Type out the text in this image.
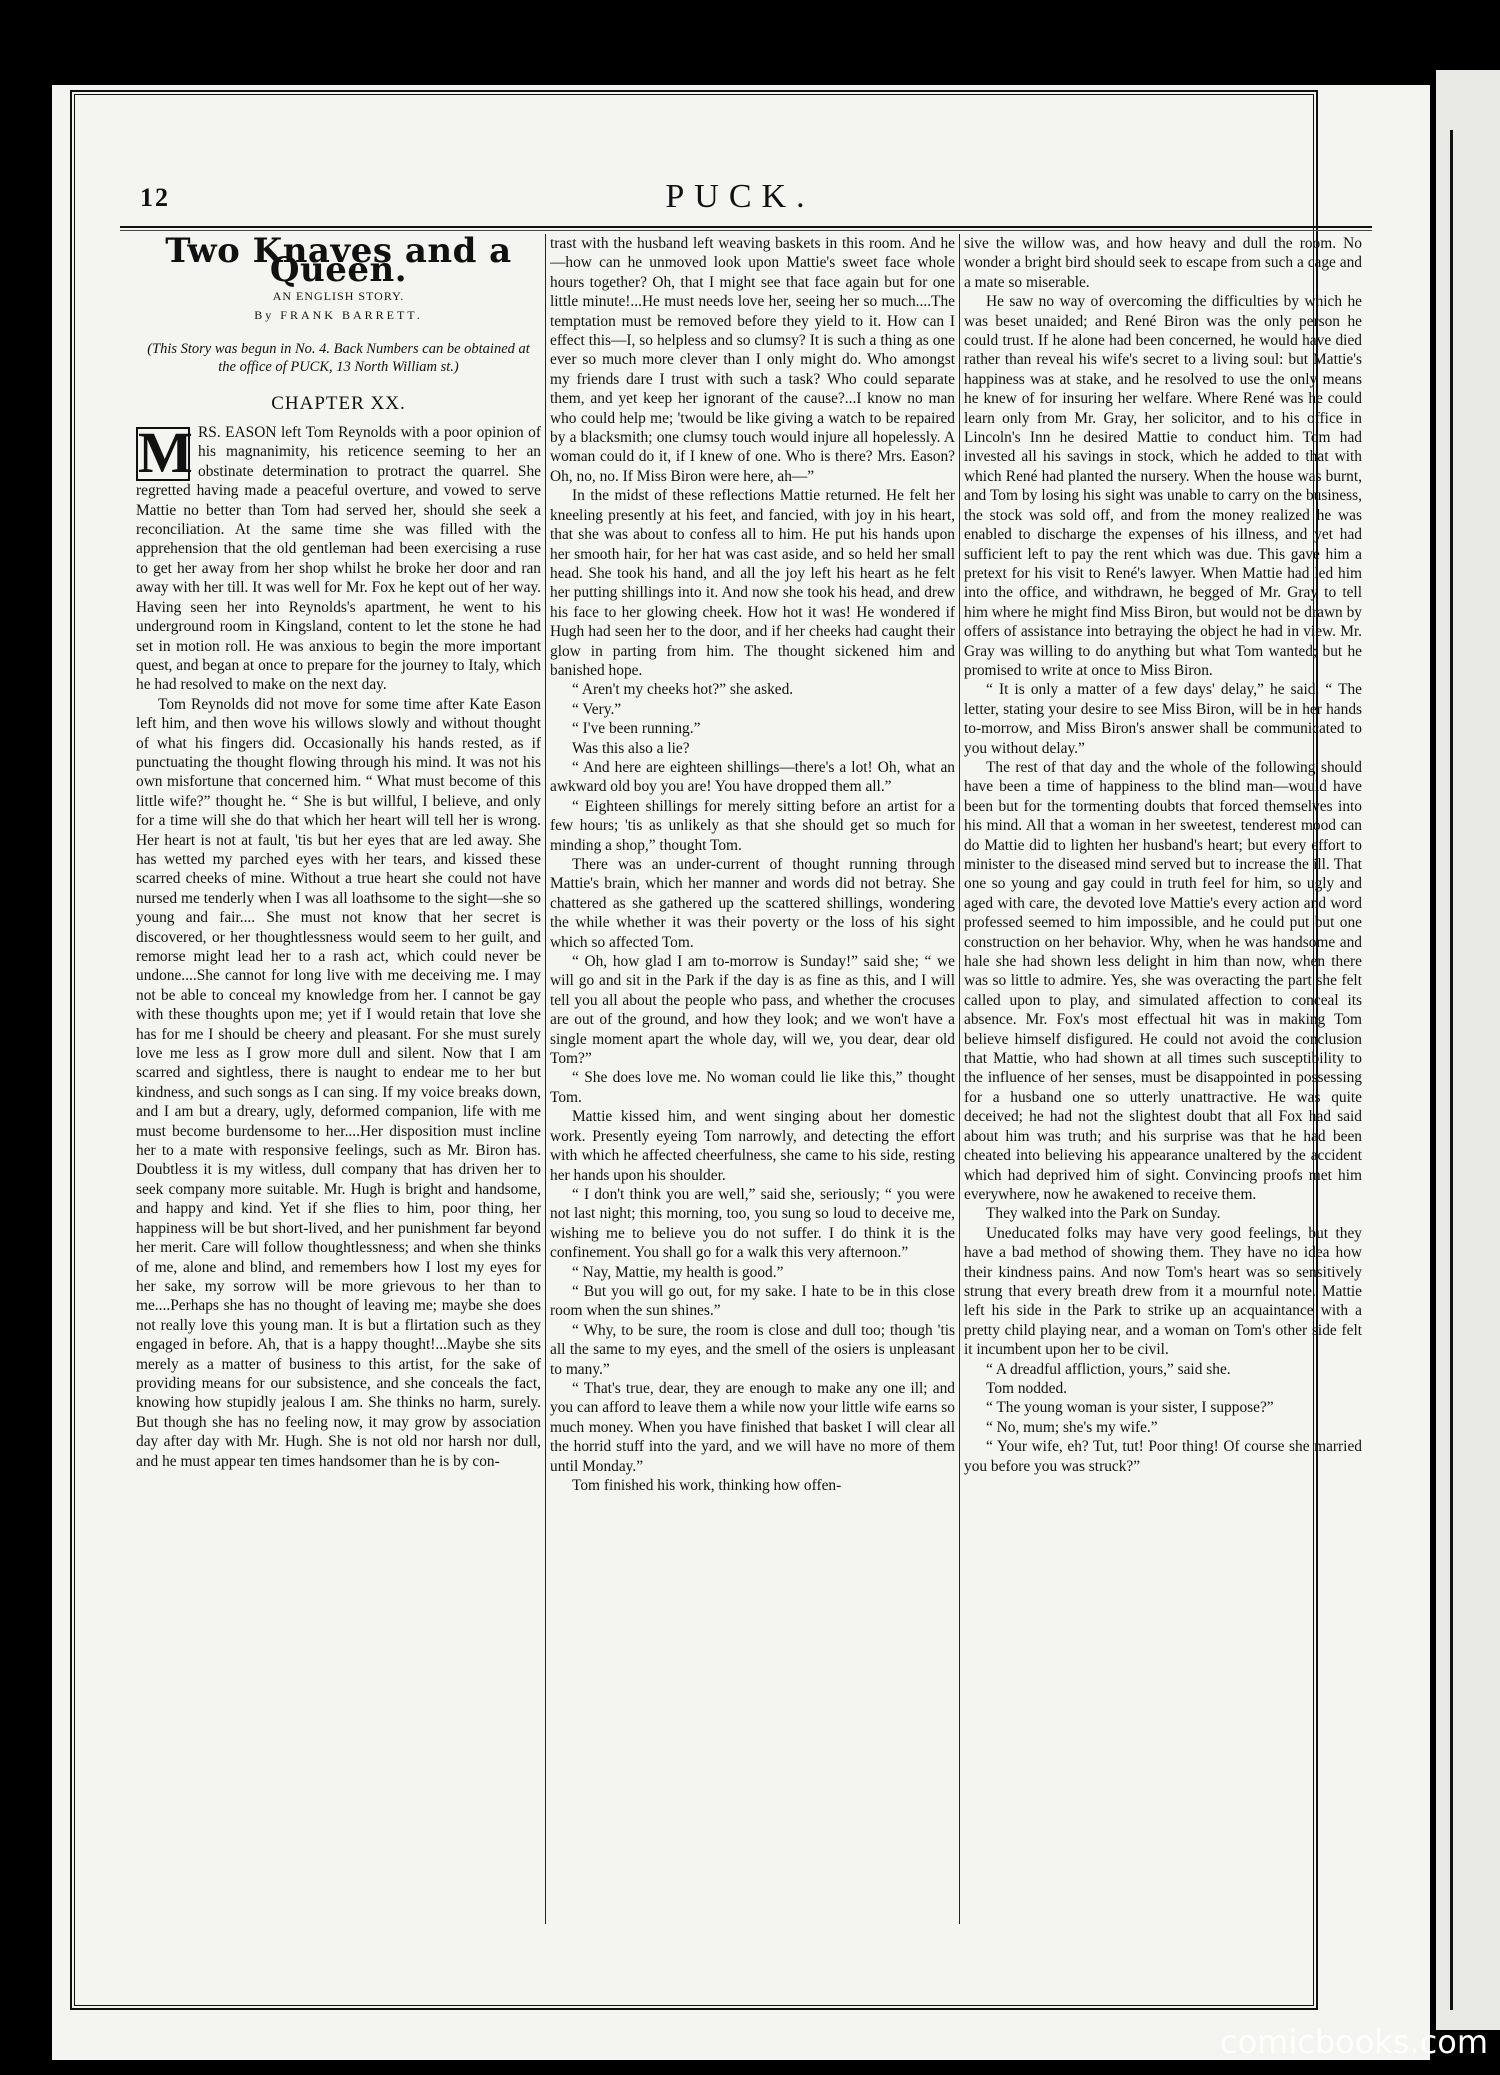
12	PUCK.
Two Knaves and a Queen.
AN ENGLISH STORY.
By FRANK BARRETT.
(This Story was begun in No. 4. Back Numbers can be obtained at the office of PUCK, 13 North William st.)
CHAPTER XX.
M RS. EASON left Tom Reynolds with a poor opinion of his magnanimity, his reticence seeming to her an obstinate determination to protract the quarrel. She regretted having made a peaceful overture, and vowed to serve Mattie no better than Tom had served her, should she seek a reconciliation. At the same time she was filled with the apprehension that the old gentleman had been exercising a ruse to get her away from her shop whilst he broke her door and ran away with her till. It was well for Mr. Fox he kept out of her way. Having seen her into Reynolds's apartment, he went to his underground room in Kingsland, content to let the stone he had set in motion roll. He was anxious to begin the more important quest, and began at once to prepare for the journey to Italy, which he had resolved to make on the next day.

Tom Reynolds did not move for some time after Kate Eason left him, and then wove his willows slowly and without thought of what his fingers did. Occasionally his hands rested, as if punctuating the thought flowing through his mind. It was not his own misfortune that concerned him. “ What must become of this little wife?” thought he. “ She is but willful, I believe, and only for a time will she do that which her heart will tell her is wrong. Her heart is not at fault, 'tis but her eyes that are led away. She has wetted my parched eyes with her tears, and kissed these scarred cheeks of mine. Without a true heart she could not have nursed me tenderly when I was all loathsome to the sight—she so young and fair.... She must not know that her secret is discovered, or her thoughtlessness would seem to her guilt, and remorse might lead her to a rash act, which could never be undone....She cannot for long live with me deceiving me. I may not be able to conceal my knowledge from her. I cannot be gay with these thoughts upon me; yet if I would retain that love she has for me I should be cheery and pleasant. For she must surely love me less as I grow more dull and silent. Now that I am scarred and sightless, there is naught to endear me to her but kindness, and such songs as I can sing. If my voice breaks down, and I am but a dreary, ugly, deformed companion, life with me must become burdensome to her....Her disposition must incline her to a mate with responsive feelings, such as Mr. Biron has. Doubtless it is my witless, dull company that has driven her to seek company more suitable. Mr. Hugh is bright and handsome, and happy and kind. Yet if she flies to him, poor thing, her happiness will be but short-lived, and her punishment far beyond her merit. Care will follow thoughtlessness; and when she thinks of me, alone and blind, and remembers how I lost my eyes for her sake, my sorrow will be more grievous to her than to me....Perhaps she has no thought of leaving me; maybe she does not really love this young man. It is but a flirtation such as they engaged in before. Ah, that is a happy thought!...Maybe she sits merely as a matter of business to this artist, for the sake of providing means for our subsistence, and she conceals the fact, knowing how stupidly jealous I am. She thinks no harm, surely. But though she has no feeling now, it may grow by association day after day with Mr. Hugh. She is not old nor harsh nor dull, and he must appear ten times handsomer than he is by con-

trast with the husband left weaving baskets in this room. And he—how can he unmoved look upon Mattie's sweet face whole hours together? Oh, that I might see that face again but for one little minute!...He must needs love her, seeing her so much....The temptation must be removed before they yield to it. How can I effect this—I, so helpless and so clumsy? It is such a thing as one ever so much more clever than I only might do. Who amongst my friends dare I trust with such a task? Who could separate them, and yet keep her ignorant of the cause?...I know no man who could help me; 'twould be like giving a watch to be repaired by a blacksmith; one clumsy touch would injure all hopelessly. A woman could do it, if I knew of one. Who is there? Mrs. Eason? Oh, no, no. If Miss Biron were here, ah—”

In the midst of these reflections Mattie returned. He felt her kneeling presently at his feet, and fancied, with joy in his heart, that she was about to confess all to him. He put his hands upon her smooth hair, for her hat was cast aside, and so held her small head. She took his hand, and all the joy left his heart as he felt her putting shillings into it. And now she took his head, and drew his face to her glowing cheek. How hot it was! He wondered if Hugh had seen her to the door, and if her cheeks had caught their glow in parting from him. The thought sickened him and banished hope.

“ Aren't my cheeks hot?” she asked.

“ Very.”

“ I've been running.”

Was this also a lie?

“ And here are eighteen shillings—there's a lot! Oh, what an awkward old boy you are! You have dropped them all.”

“ Eighteen shillings for merely sitting before an artist for a few hours; 'tis as unlikely as that she should get so much for minding a shop,” thought Tom.

There was an under-current of thought running through Mattie's brain, which her manner and words did not betray. She chattered as she gathered up the scattered shillings, wondering the while whether it was their poverty or the loss of his sight which so affected Tom.

“ Oh, how glad I am to-morrow is Sunday!” said she; “ we will go and sit in the Park if the day is as fine as this, and I will tell you all about the people who pass, and whether the crocuses are out of the ground, and how they look; and we won't have a single moment apart the whole day, will we, you dear, dear old Tom?”

“ She does love me. No woman could lie like this,” thought Tom.

Mattie kissed him, and went singing about her domestic work. Presently eyeing Tom narrowly, and detecting the effort with which he affected cheerfulness, she came to his side, resting her hands upon his shoulder.

“ I don't think you are well,” said she, seriously; “ you were not last night; this morning, too, you sung so loud to deceive me, wishing me to believe you do not suffer. I do think it is the confinement. You shall go for a walk this very afternoon.”

“ Nay, Mattie, my health is good.”

“ But you will go out, for my sake. I hate to be in this close room when the sun shines.”

“ Why, to be sure, the room is close and dull too; though 'tis all the same to my eyes, and the smell of the osiers is unpleasant to many.”

“ That's true, dear, they are enough to make any one ill; and you can afford to leave them a while now your little wife earns so much money. When you have finished that basket I will clear all the horrid stuff into the yard, and we will have no more of them until Monday.”

Tom finished his work, thinking how offen-

sive the willow was, and how heavy and dull the room. No wonder a bright bird should seek to escape from such a cage and a mate so miserable.

He saw no way of overcoming the difficulties by which he was beset unaided; and René Biron was the only person he could trust. If he alone had been concerned, he would have died rather than reveal his wife's secret to a living soul: but Mattie's happiness was at stake, and he resolved to use the only means he knew of for insuring her welfare. Where René was he could learn only from Mr. Gray, her solicitor, and to his office in Lincoln's Inn he desired Mattie to conduct him. Tom had invested all his savings in stock, which he added to that with which René had planted the nursery. When the house was burnt, and Tom by losing his sight was unable to carry on the business, the stock was sold off, and from the money realized he was enabled to discharge the expenses of his illness, and yet had sufficient left to pay the rent which was due. This gave him a pretext for his visit to René's lawyer. When Mattie had led him into the office, and withdrawn, he begged of Mr. Gray to tell him where he might find Miss Biron, but would not be drawn by offers of assistance into betraying the object he had in view. Mr. Gray was willing to do anything but what Tom wanted; but he promised to write at once to Miss Biron.

“ It is only a matter of a few days' delay,” he said. “ The letter, stating your desire to see Miss Biron, will be in her hands to-morrow, and Miss Biron's answer shall be communicated to you without delay.”

The rest of that day and the whole of the following should have been a time of happiness to the blind man—would have been but for the tormenting doubts that forced themselves into his mind. All that a woman in her sweetest, tenderest mood can do Mattie did to lighten her husband's heart; but every effort to minister to the diseased mind served but to increase the ill. That one so young and gay could in truth feel for him, so ugly and aged with care, the devoted love Mattie's every action and word professed seemed to him impossible, and he could put but one construction on her behavior. Why, when he was handsome and hale she had shown less delight in him than now, when there was so little to admire. Yes, she was overacting the part she felt called upon to play, and simulated affection to conceal its absence. Mr. Fox's most effectual hit was in making Tom believe himself disfigured. He could not avoid the conclusion that Mattie, who had shown at all times such susceptibility to the influence of her senses, must be disappointed in possessing for a husband one so utterly unattractive. He was quite deceived; he had not the slightest doubt that all Fox had said about him was truth; and his surprise was that he had been cheated into believing his appearance unaltered by the accident which had deprived him of sight. Convincing proofs met him everywhere, now he awakened to receive them.

They walked into the Park on Sunday.

Uneducated folks may have very good feelings, but they have a bad method of showing them. They have no idea how their kindness pains. And now Tom's heart was so sensitively strung that every breath drew from it a mournful note. Mattie left his side in the Park to strike up an acquaintance with a pretty child playing near, and a woman on Tom's other side felt it incumbent upon her to be civil.

“ A dreadful affliction, yours,” said she.

Tom nodded.

“ The young woman is your sister, I suppose?”

“ No, mum; she's my wife.”

“ Your wife, eh? Tut, tut! Poor thing! Of course she married you before you was struck?”

comicbooks.com
